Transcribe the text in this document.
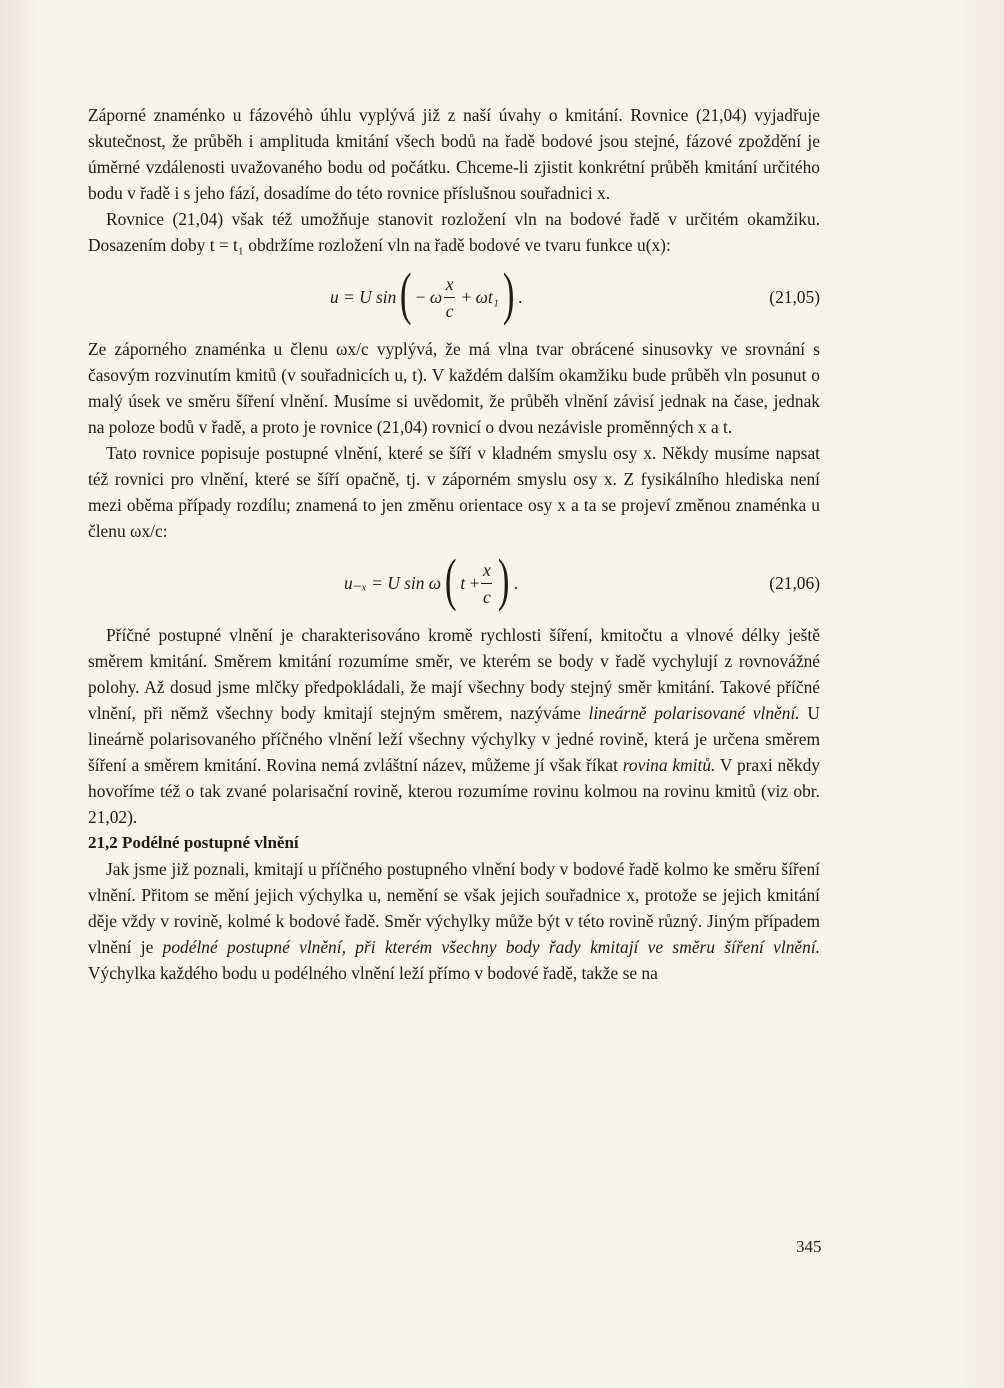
Záporné znaménko u fázovéhò úhlu vyplývá již z naší úvahy o kmitání. Rovnice (21,04) vyjadřuje skutečnost, že průběh i amplituda kmitání všech bodů na řadě bodové jsou stejné, fázové zpoždění je úměrné vzdálenosti uvažovaného bodu od počátku. Chceme-li zjistit konkrétní průběh kmitání určitého bodu v řadě i s jeho fází, dosadíme do této rovnice příslušnou souřadnici x.

Rovnice (21,04) však též umožňuje stanovit rozložení vln na bodové řadě v určitém okamžiku. Dosazením doby t = t₁ obdržíme rozložení vln na řadě bodové ve tvaru funkce u(x):

u = U sin ( −
ω $\frac{x}{c}$
+
ωt₁ ) .	(21,05)

Ze záporného znaménka u členu ωx/c vyplývá, že má vlna tvar obrácené sinusovky ve srovnání s časovým rozvinutím kmitů (v souřadnicích u, t). V každém dalším okamžiku bude průběh vln posunut o malý úsek ve směru šíření vlnění. Musíme si uvědomit, že průběh vlnění závisí jednak na čase, jednak na poloze bodů v řadě, a proto je rovnice (21,04) rovnicí o dvou nezávisle proměnných x a t.

Tato rovnice popisuje postupné vlnění, které se šíří v kladném smyslu osy x. Někdy musíme napsat též rovnici pro vlnění, které se šíří opačně, tj. v záporném smyslu osy x. Z fysikálního hlediska není mezi oběma případy rozdílu; znamená to jen změnu orientace osy x a ta se projeví změnou znaménka u členu ωx/c:

u₋ₓ = U sin ω ( t
+ $\frac{x}{c}$ ) .	(21,06)

Příčné postupné vlnění je charakterisováno kromě rychlosti šíření, kmitočtu a vlnové délky ještě směrem kmitání. Směrem kmitání rozumíme směr, ve kterém se body v řadě vychylují z rovnovážné polohy. Až dosud jsme mlčky předpokládali, že mají všechny body stejný směr kmitání. Takové příčné vlnění, při němž všechny body kmitají stejným směrem, nazýváme lineárně polarisované vlnění. U lineárně polarisovaného příčného vlnění leží všechny výchylky v jedné rovině, která je určena směrem šíření a směrem kmitání. Rovina nemá zvláštní název, můžeme jí však říkat rovina kmitů. V praxi někdy hovoříme též o tak zvané polarisační rovině, kterou rozumíme rovinu kolmou na rovinu kmitů (viz obr. 21,02).

21,2 Podélné postupné vlnění

Jak jsme již poznali, kmitají u příčného postupného vlnění body v bodové řadě kolmo ke směru šíření vlnění. Přitom se mění jejich výchylka u, nemění se však jejich souřadnice x, protože se jejich kmitání děje vždy v rovině, kolmé k bodové řadě. Směr výchylky může být v této rovině různý. Jiným případem vlnění je podélné postupné vlnění, při kterém všechny body řady kmitají ve směru šíření vlnění. Výchylka každého bodu u podélného vlnění leží přímo v bodové řadě, takže se na

345
